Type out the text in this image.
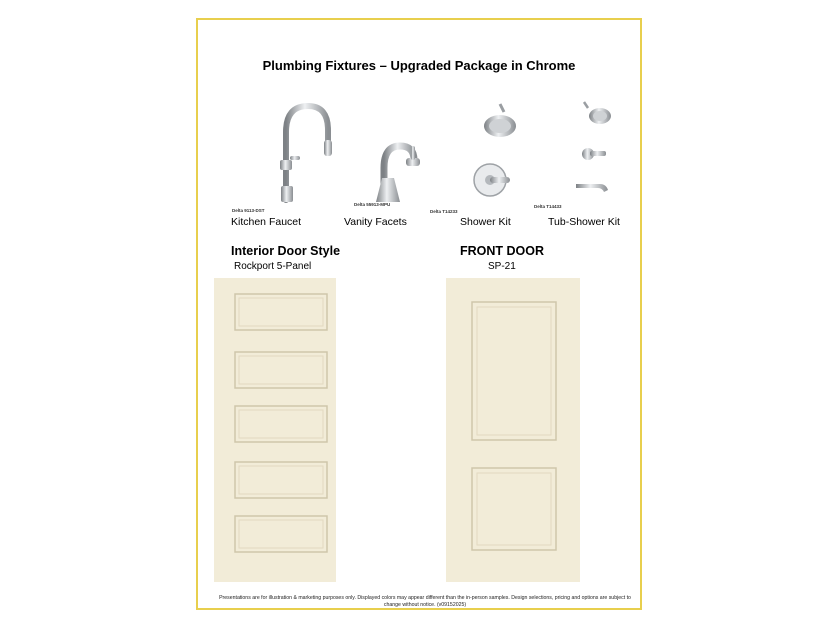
Plumbing Fixtures – Upgraded Package in Chrome
Delta 9113-DST
Kitchen Faucet
Delta 55913-MPU
Vanity Facets
Delta T14233
Shower Kit
Delta T14433
Tub-Shower Kit
Interior Door Style
Rockport 5-Panel
FRONT DOOR
SP-21
Presentations are for illustration & marketing purposes only. Displayed colors may appear different than the in-person samples. Design selections, pricing and options are subject to change without notice. (v09152025)
